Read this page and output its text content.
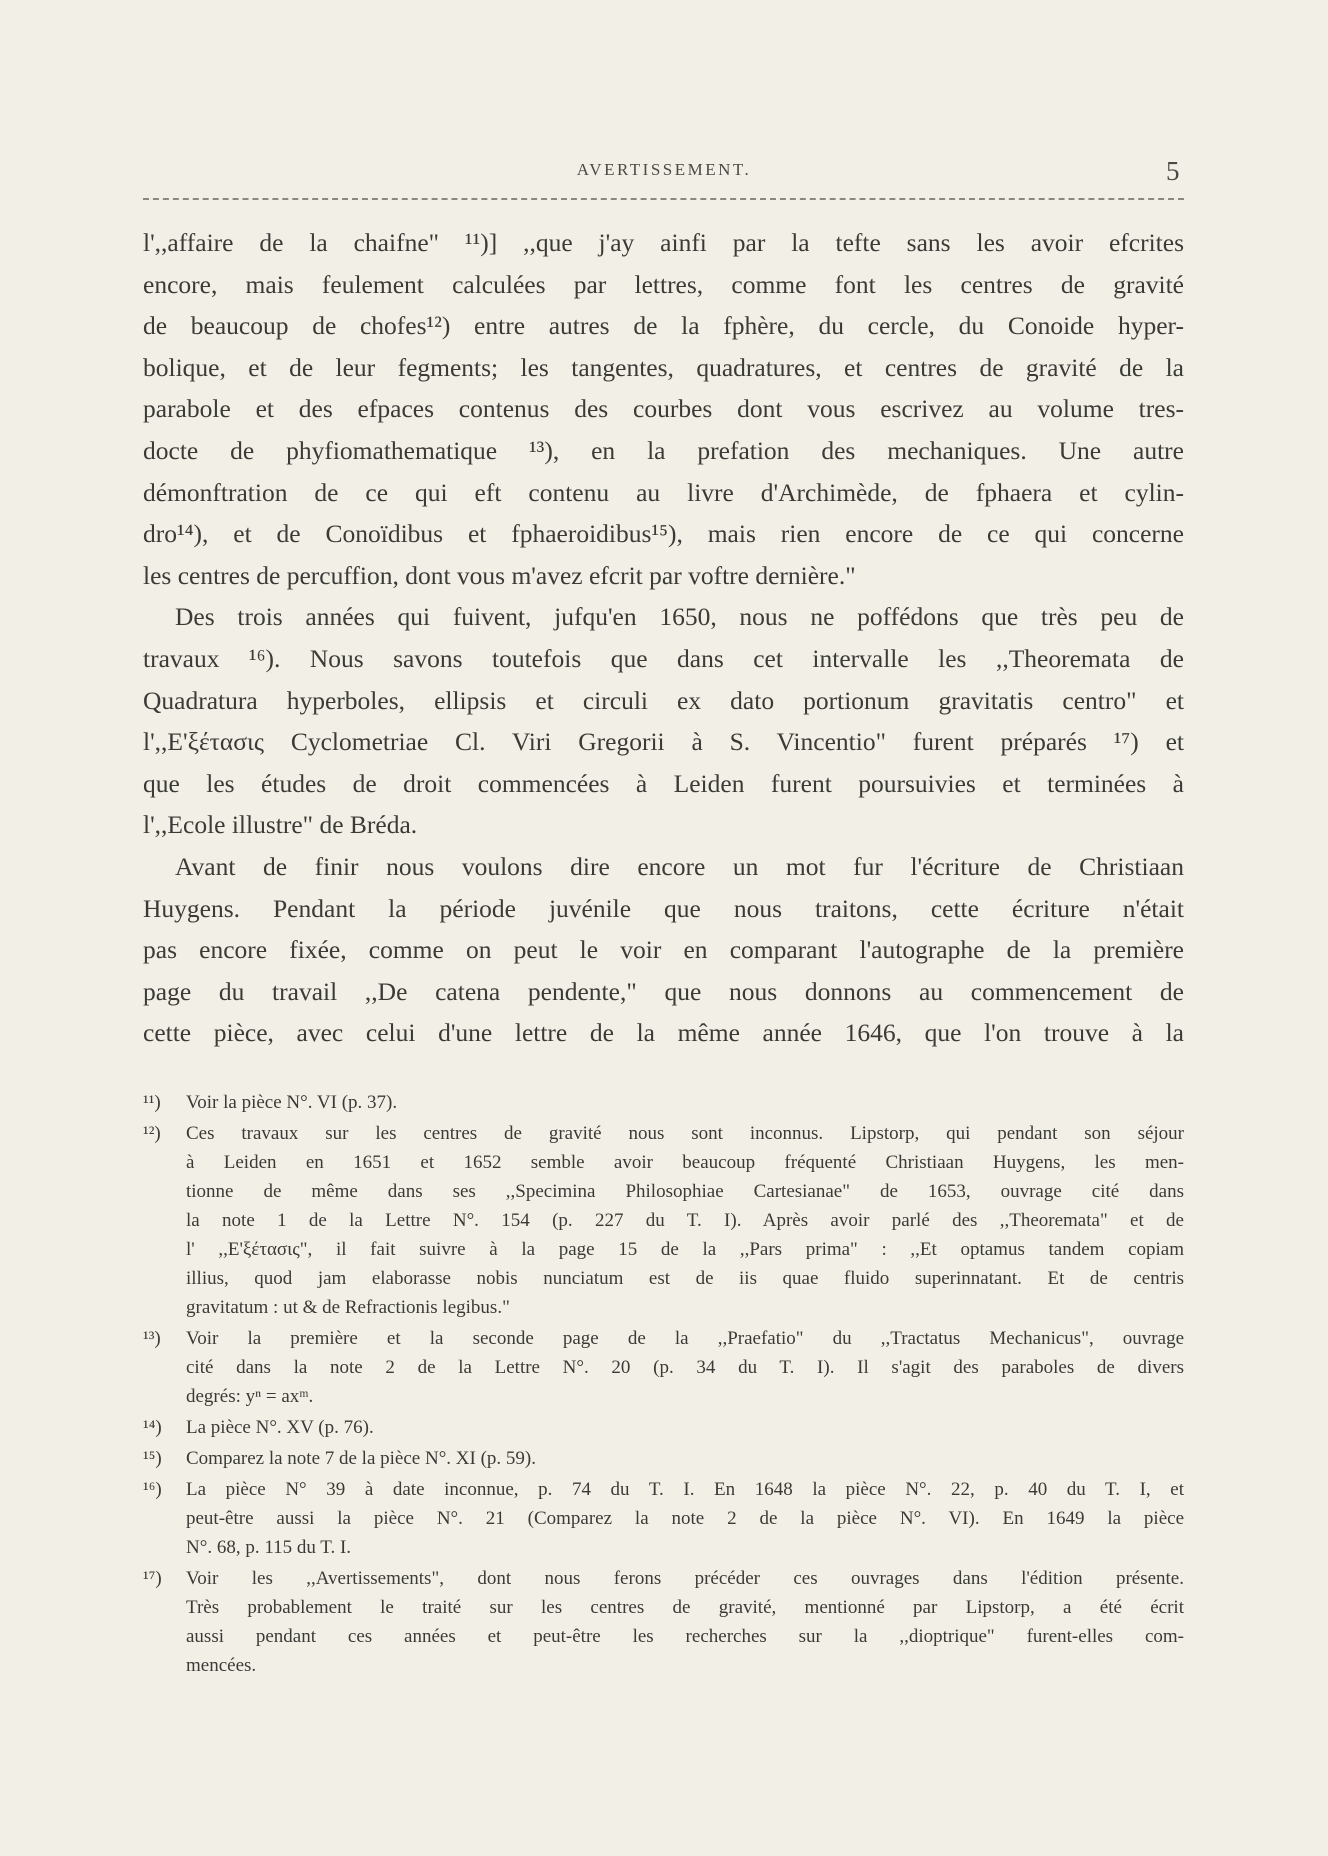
AVERTISSEMENT.	5
l',,affaire de la chaifne" ¹¹)] ,,que j'ay ainfi par la tefte sans les avoir efcrites
encore, mais feulement calculées par lettres, comme font les centres de gravité
de beaucoup de chofes¹²) entre autres de la fphère, du cercle, du Conoide hyper-
bolique, et de leur fegments; les tangentes, quadratures, et centres de gravité de la
parabole et des efpaces contenus des courbes dont vous escrivez au volume tres-
docte de phyfiomathematique ¹³), en la prefation des mechaniques. Une autre
démonftration de ce qui eft contenu au livre d'Archimède, de fphaera et cylin-
dro¹⁴), et de Conoïdibus et fphaeroidibus¹⁵), mais rien encore de ce qui concerne
les centres de percuffion, dont vous m'avez efcrit par voftre dernière."
Des trois années qui fuivent, jufqu'en 1650, nous ne poffédons que très peu de
travaux ¹⁶). Nous savons toutefois que dans cet intervalle les ,,Theoremata de
Quadratura hyperboles, ellipsis et circuli ex dato portionum gravitatis centro" et
l',,E'ξέτασις Cyclometriae Cl. Viri Gregorii à S. Vincentio" furent préparés ¹⁷) et
que les études de droit commencées à Leiden furent poursuivies et terminées à
l',,Ecole illustre" de Bréda.
Avant de finir nous voulons dire encore un mot fur l'écriture de Christiaan
Huygens. Pendant la période juvénile que nous traitons, cette écriture n'était
pas encore fixée, comme on peut le voir en comparant l'autographe de la première
page du travail ,,De catena pendente," que nous donnons au commencement de
cette pièce, avec celui d'une lettre de la même année 1646, que l'on trouve à la
¹¹) Voir la pièce N°. VI (p. 37).
¹²) Ces travaux sur les centres de gravité nous sont inconnus. Lipstorp, qui pendant son séjour
à Leiden en 1651 et 1652 semble avoir beaucoup fréquenté Christiaan Huygens, les men-
tionne de même dans ses ,,Specimina Philosophiae Cartesianae" de 1653, ouvrage cité dans
la note 1 de la Lettre N°. 154 (p. 227 du T. I). Après avoir parlé des ,,Theoremata" et de
l' ,,E'ξέτασις", il fait suivre à la page 15 de la ,,Pars prima" : ,,Et optamus tandem copiam
illius, quod jam elaborasse nobis nunciatum est de iis quae fluido superinnatant. Et de centris
gravitatum : ut & de Refractionis legibus."
¹³) Voir la première et la seconde page de la ,,Praefatio" du ,,Tractatus Mechanicus", ouvrage
cité dans la note 2 de la Lettre N°. 20 (p. 34 du T. I). Il s'agit des paraboles de divers
degrés: yⁿ = axᵐ.
¹⁴) La pièce N°. XV (p. 76).
¹⁵) Comparez la note 7 de la pièce N°. XI (p. 59).
¹⁶) La pièce N° 39 à date inconnue, p. 74 du T. I. En 1648 la pièce N°. 22, p. 40 du T. I, et
peut-être aussi la pièce N°. 21 (Comparez la note 2 de la pièce N°. VI). En 1649 la pièce
N°. 68, p. 115 du T. I.
¹⁷) Voir les ,,Avertissements", dont nous ferons précéder ces ouvrages dans l'édition présente.
Très probablement le traité sur les centres de gravité, mentionné par Lipstorp, a été écrit
aussi pendant ces années et peut-être les recherches sur la ,,dioptrique" furent-elles com-
mencées.
